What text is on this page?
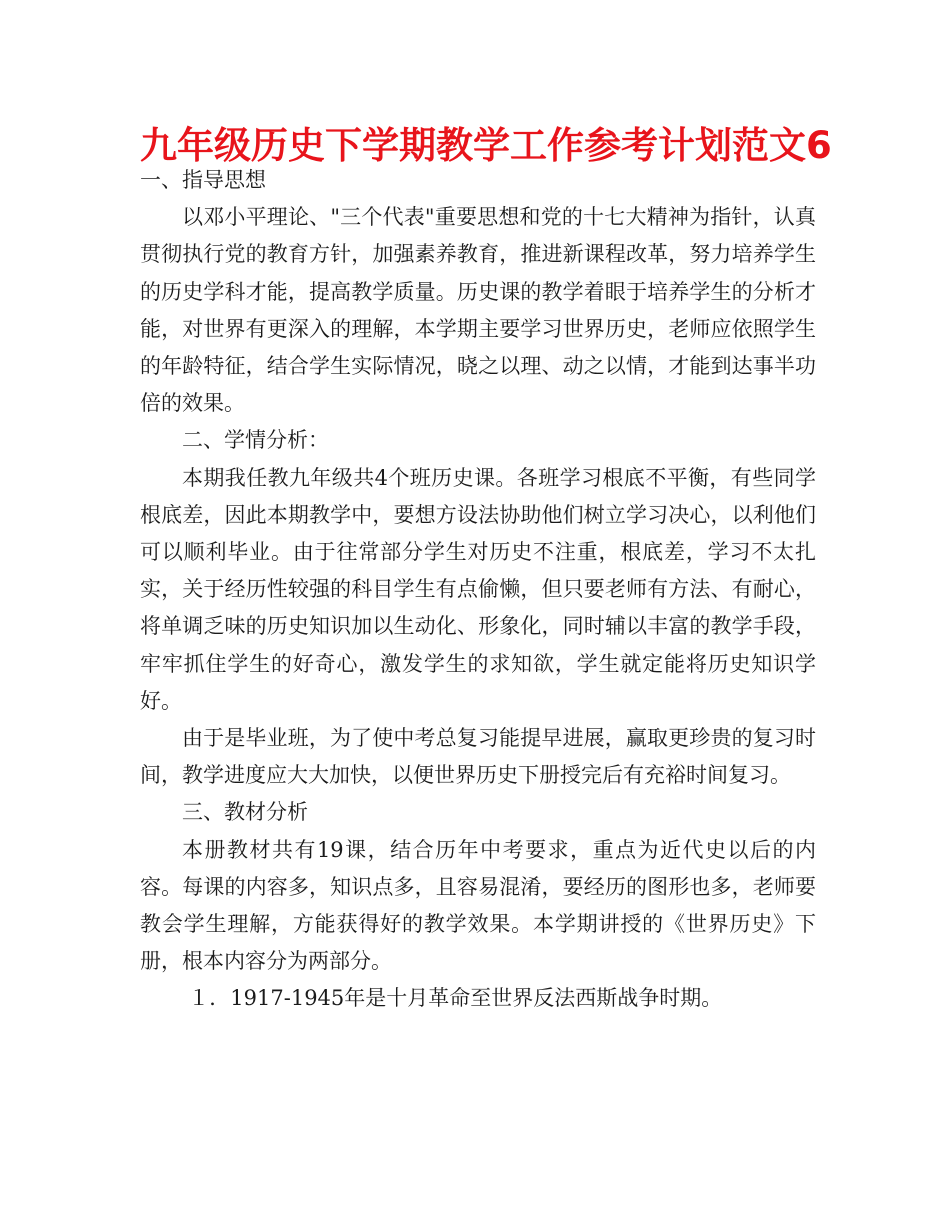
九年级历史下学期教学工作参考计划范文6

一、指导思想

以邓小平理论、"三个代表"重要思想和党的十七大精神为指针，认真贯彻执行党的教育方针，加强素养教育，推进新课程改革，努力培养学生的历史学科才能，提高教学质量。历史课的教学着眼于培养学生的分析才能，对世界有更深入的理解，本学期主要学习世界历史，老师应依照学生的年龄特征，结合学生实际情况，晓之以理、动之以情，才能到达事半功倍的效果。

二、学情分析：

本期我任教九年级共4个班历史课。各班学习根底不平衡，有些同学根底差，因此本期教学中，要想方设法协助他们树立学习决心，以利他们可以顺利毕业。由于往常部分学生对历史不注重，根底差，学习不太扎实，关于经历性较强的科目学生有点偷懒，但只要老师有方法、有耐心，将单调乏味的历史知识加以生动化、形象化，同时辅以丰富的教学手段，牢牢抓住学生的好奇心，激发学生的求知欲，学生就定能将历史知识学好。

由于是毕业班，为了使中考总复习能提早进展，赢取更珍贵的复习时间，教学进度应大大加快，以便世界历史下册授完后有充裕时间复习。

三、教材分析

本册教材共有19课，结合历年中考要求，重点为近代史以后的内容。每课的内容多，知识点多，且容易混淆，要经历的图形也多，老师要教会学生理解，方能获得好的教学效果。本学期讲授的《世界历史》下册，根本内容分为两部分。

１．1917-1945年是十月革命至世界反法西斯战争时期。
